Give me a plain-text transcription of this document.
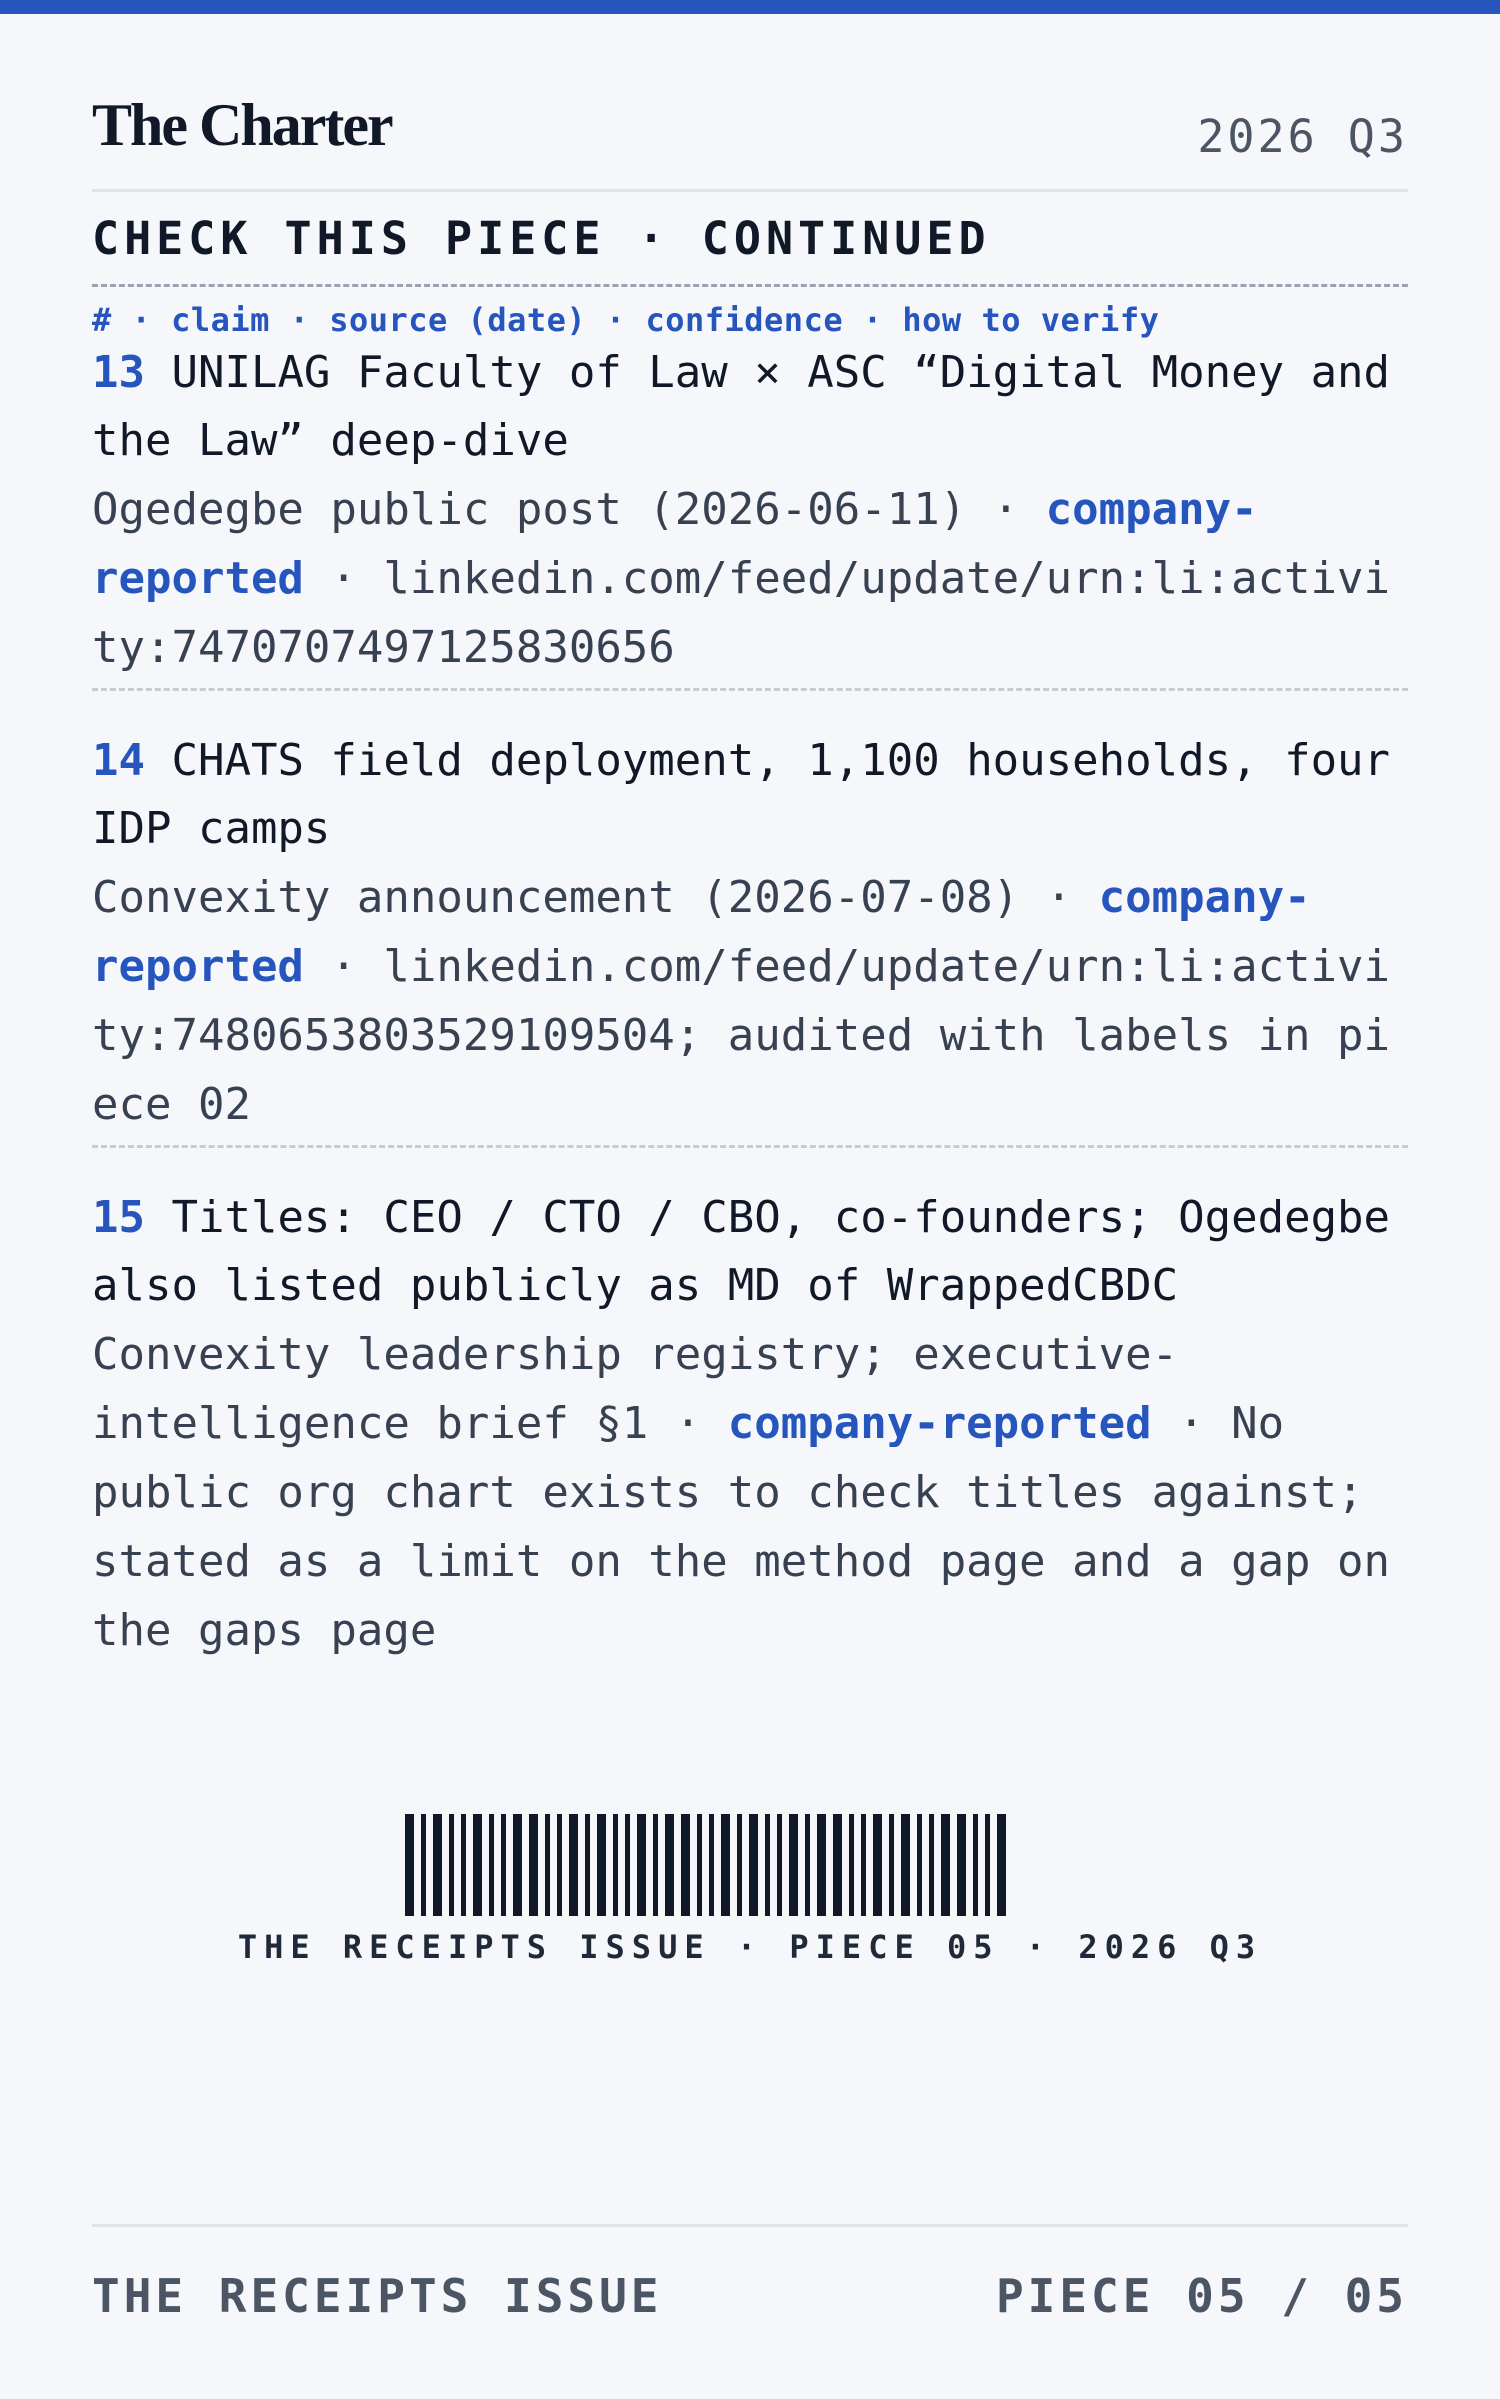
The Charter	2026 Q3
CHECK THIS PIECE · CONTINUED
# · claim · source (date) · confidence · how to verify
13 UNILAG Faculty of Law × ASC “Digital Money and the Law” deep-dive
Ogedegbe public post (2026-06-11) · company-reported · linkedin.com/feed/update/urn:li:activity:7470707497125830656
14 CHATS field deployment, 1,100 households, four IDP camps
Convexity announcement (2026-07-08) · company-reported · linkedin.com/feed/update/urn:li:activity:7480653803529109504; audited with labels in piece 02
15 Titles: CEO / CTO / CBO, co-founders; Ogedegbe also listed publicly as MD of WrappedCBDC
Convexity leadership registry; executive-intelligence brief §1 · company-reported · No public org chart exists to check titles against; stated as a limit on the method page and a gap on the gaps page
THE RECEIPTS ISSUE · PIECE 05 · 2026 Q3
THE RECEIPTS ISSUE	PIECE 05 / 05
